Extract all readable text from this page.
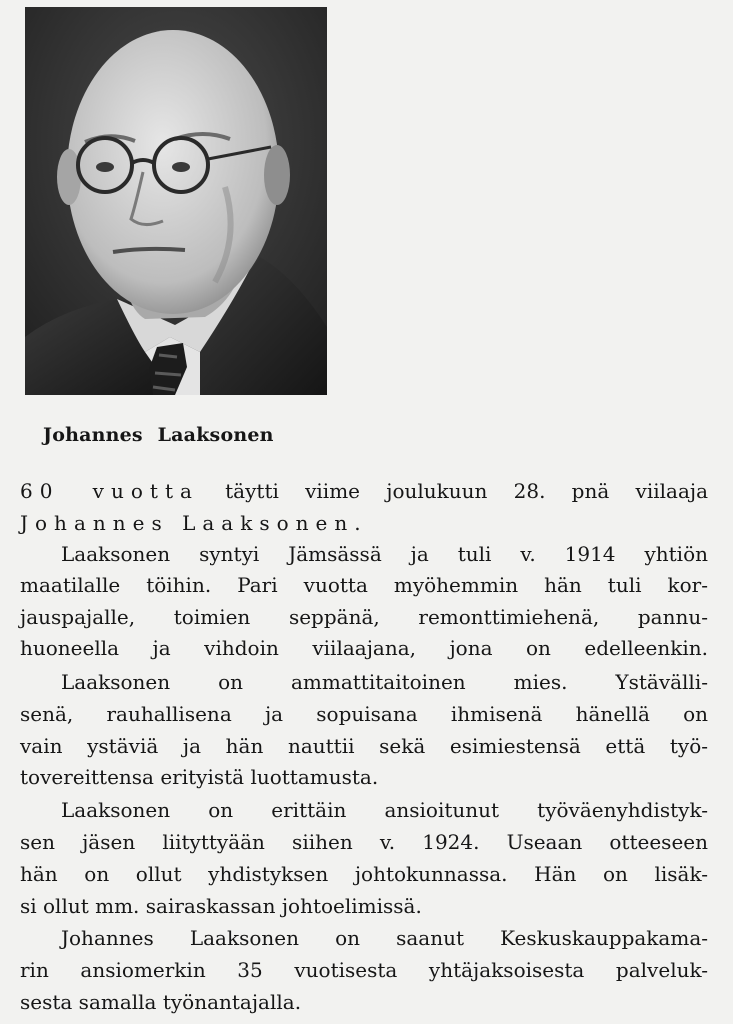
Johannes Laaksonen
60 vuotta täytti viime joulukuun 28. pnä viilaaja
Johannes Laaksonen.
Laaksonen syntyi Jämsässä ja tuli v. 1914 yhtiön
maatilalle töihin. Pari vuotta myöhemmin hän tuli kor-
jauspajalle, toimien seppänä, remonttimiehenä, pannu-
huoneella ja vihdoin viilaajana, jona on edelleenkin.
Laaksonen on ammattitaitoinen mies. Ystävälli-
senä, rauhallisena ja sopuisana ihmisenä hänellä on
vain ystäviä ja hän nauttii sekä esimiestensä että työ-
tovereittensa erityistä luottamusta.
Laaksonen on erittäin ansioitunut työväenyhdistyk-
sen jäsen liityttyään siihen v. 1924. Useaan otteeseen
hän on ollut yhdistyksen johtokunnassa. Hän on lisäk-
si ollut mm. sairaskassan johtoelimissä.
Johannes Laaksonen on saanut Keskuskauppakama-
rin ansiomerkin 35 vuotisesta yhtäjaksoisesta palveluk-
sesta samalla työnantajalla.
